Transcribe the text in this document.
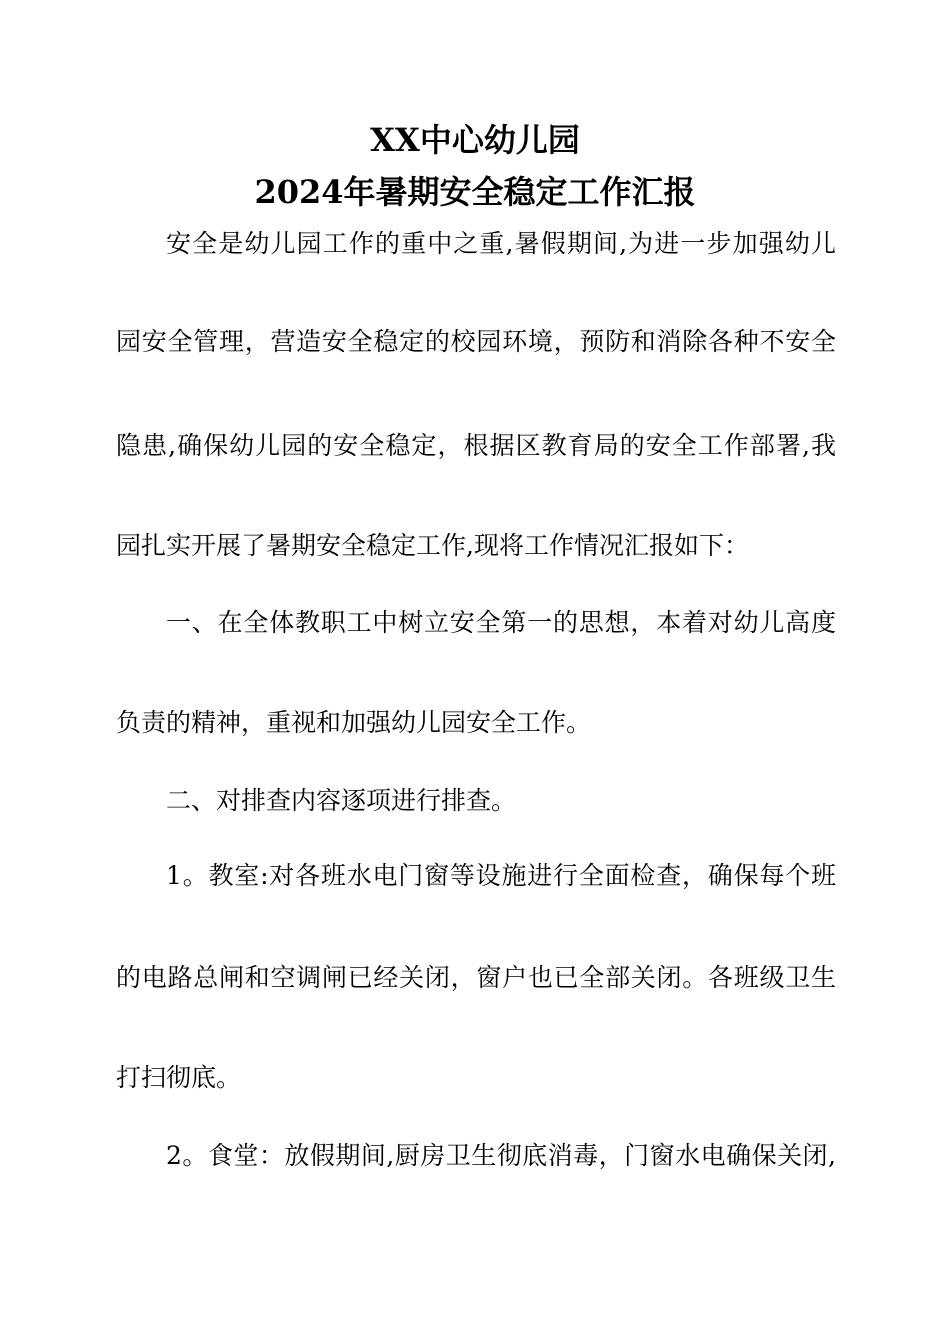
XX中心幼儿园
2024年暑期安全稳定工作汇报
安全是幼儿园工作的重中之重,暑假期间,为进一步加强幼儿
园安全管理，营造安全稳定的校园环境，预防和消除各种不安全
隐患,确保幼儿园的安全稳定，根据区教育局的安全工作部署,我
园扎实开展了暑期安全稳定工作,现将工作情况汇报如下：
一、在全体教职工中树立安全第一的思想，本着对幼儿高度
负责的精神，重视和加强幼儿园安全工作。
二、对排查内容逐项进行排查。
1。教室:对各班水电门窗等设施进行全面检查，确保每个班
的电路总闸和空调闸已经关闭，窗户也已全部关闭。各班级卫生
打扫彻底。
2。食堂：放假期间,厨房卫生彻底消毒，门窗水电确保关闭,
